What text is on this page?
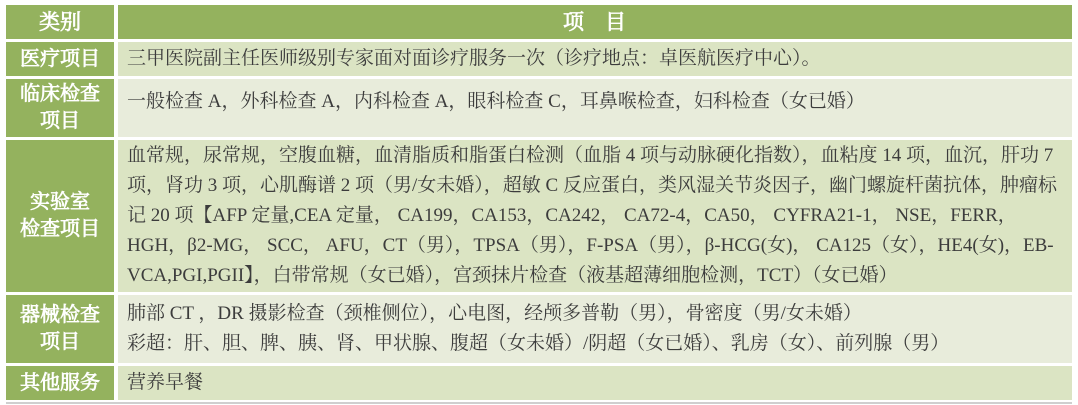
类别	项　目
医疗项目 三甲医院副主任医师级别专家面对面诊疗服务一次（诊疗地点：卓医航医疗中心）。
临床检查
项目
一般检查 A，外科检查 A，内科检查 A，眼科检查 C，耳鼻喉检查，妇科检查（女已婚）
实验室
检查项目
血常规，尿常规，空腹血糖，血清脂质和脂蛋白检测（血脂 4 项与动脉硬化指数），血粘度 14 项，血沉，肝功 7 项，肾功 3 项，心肌酶谱 2 项（男/女未婚），超敏 C 反应蛋白，类风湿关节炎因子，幽门螺旋杆菌抗体，肿瘤标记 20 项【AFP 定量,CEA 定量， CA199，CA153，CA242， CA72-4，CA50， CYFRA21-1， NSE，FERR， HGH，β2-MG， SCC， AFU，CT（男），TPSA（男），F-PSA（男），β-HCG(女)， CA125（女），HE4(女)，EB-VCA,PGI,PGII】，白带常规（女已婚），宫颈抹片检查（液基超薄细胞检测，TCT）（女已婚）
器械检查
项目
肺部 CT ，DR 摄影检查（颈椎侧位），心电图，经颅多普勒（男），骨密度（男/女未婚）
彩超：肝、胆、脾、胰、肾、甲状腺、腹超（女未婚）/阴超（女已婚）、乳房（女）、前列腺（男）
其他服务 营养早餐
